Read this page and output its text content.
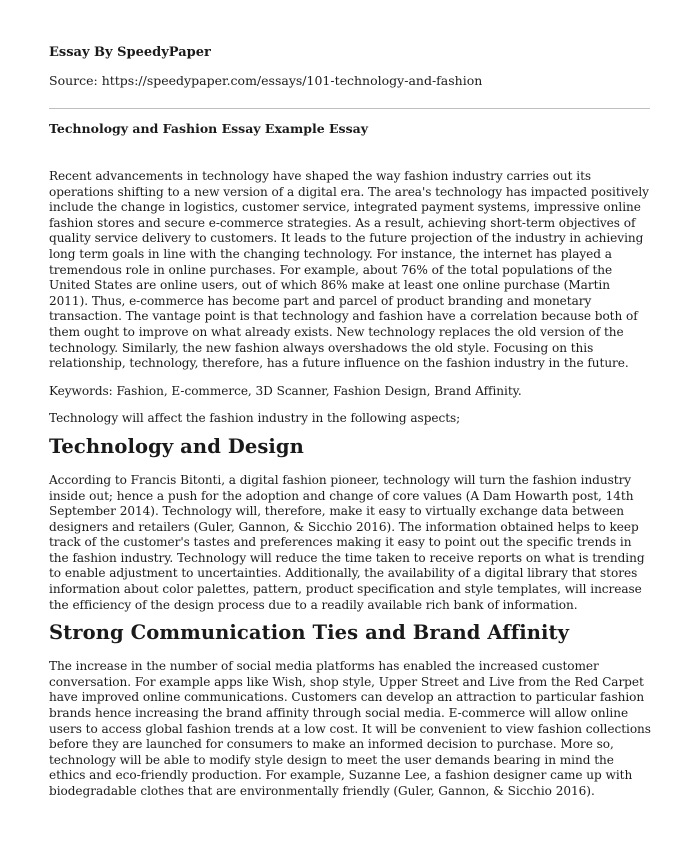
Essay By SpeedyPaper
Source: https://speedypaper.com/essays/101-technology-and-fashion
Technology and Fashion Essay Example Essay

Recent advancements in technology have shaped the way fashion industry carries out its operations shifting to a new version of a digital era. The area's technology has impacted positively include the change in logistics, customer service, integrated payment systems, impressive online fashion stores and secure e-commerce strategies. As a result, achieving short-term objectives of quality service delivery to customers. It leads to the future projection of the industry in achieving long term goals in line with the changing technology. For instance, the internet has played a tremendous role in online purchases. For example, about 76% of the total populations of the United States are online users, out of which 86% make at least one online purchase (Martin 2011). Thus, e-commerce has become part and parcel of product branding and monetary transaction. The vantage point is that technology and fashion have a correlation because both of them ought to improve on what already exists. New technology replaces the old version of the technology. Similarly, the new fashion always overshadows the old style. Focusing on this relationship, technology, therefore, has a future influence on the fashion industry in the future.

Keywords: Fashion, E-commerce, 3D Scanner, Fashion Design, Brand Affinity.

Technology will affect the fashion industry in the following aspects;

Technology and Design

According to Francis Bitonti, a digital fashion pioneer, technology will turn the fashion industry inside out; hence a push for the adoption and change of core values (A Dam Howarth post, 14th September 2014). Technology will, therefore, make it easy to virtually exchange data between designers and retailers (Guler, Gannon, & Sicchio 2016). The information obtained helps to keep track of the customer's tastes and preferences making it easy to point out the specific trends in the fashion industry. Technology will reduce the time taken to receive reports on what is trending to enable adjustment to uncertainties. Additionally, the availability of a digital library that stores information about color palettes, pattern, product specification and style templates, will increase the efficiency of the design process due to a readily available rich bank of information.

Strong Communication Ties and Brand Affinity

The increase in the number of social media platforms has enabled the increased customer conversation. For example apps like Wish, shop style, Upper Street and Live from the Red Carpet have improved online communications. Customers can develop an attraction to particular fashion brands hence increasing the brand affinity through social media. E-commerce will allow online users to access global fashion trends at a low cost. It will be convenient to view fashion collections before they are launched for consumers to make an informed decision to purchase. More so, technology will be able to modify style design to meet the user demands bearing in mind the ethics and eco-friendly production. For example, Suzanne Lee, a fashion designer came up with biodegradable clothes that are environmentally friendly (Guler, Gannon, & Sicchio 2016).
